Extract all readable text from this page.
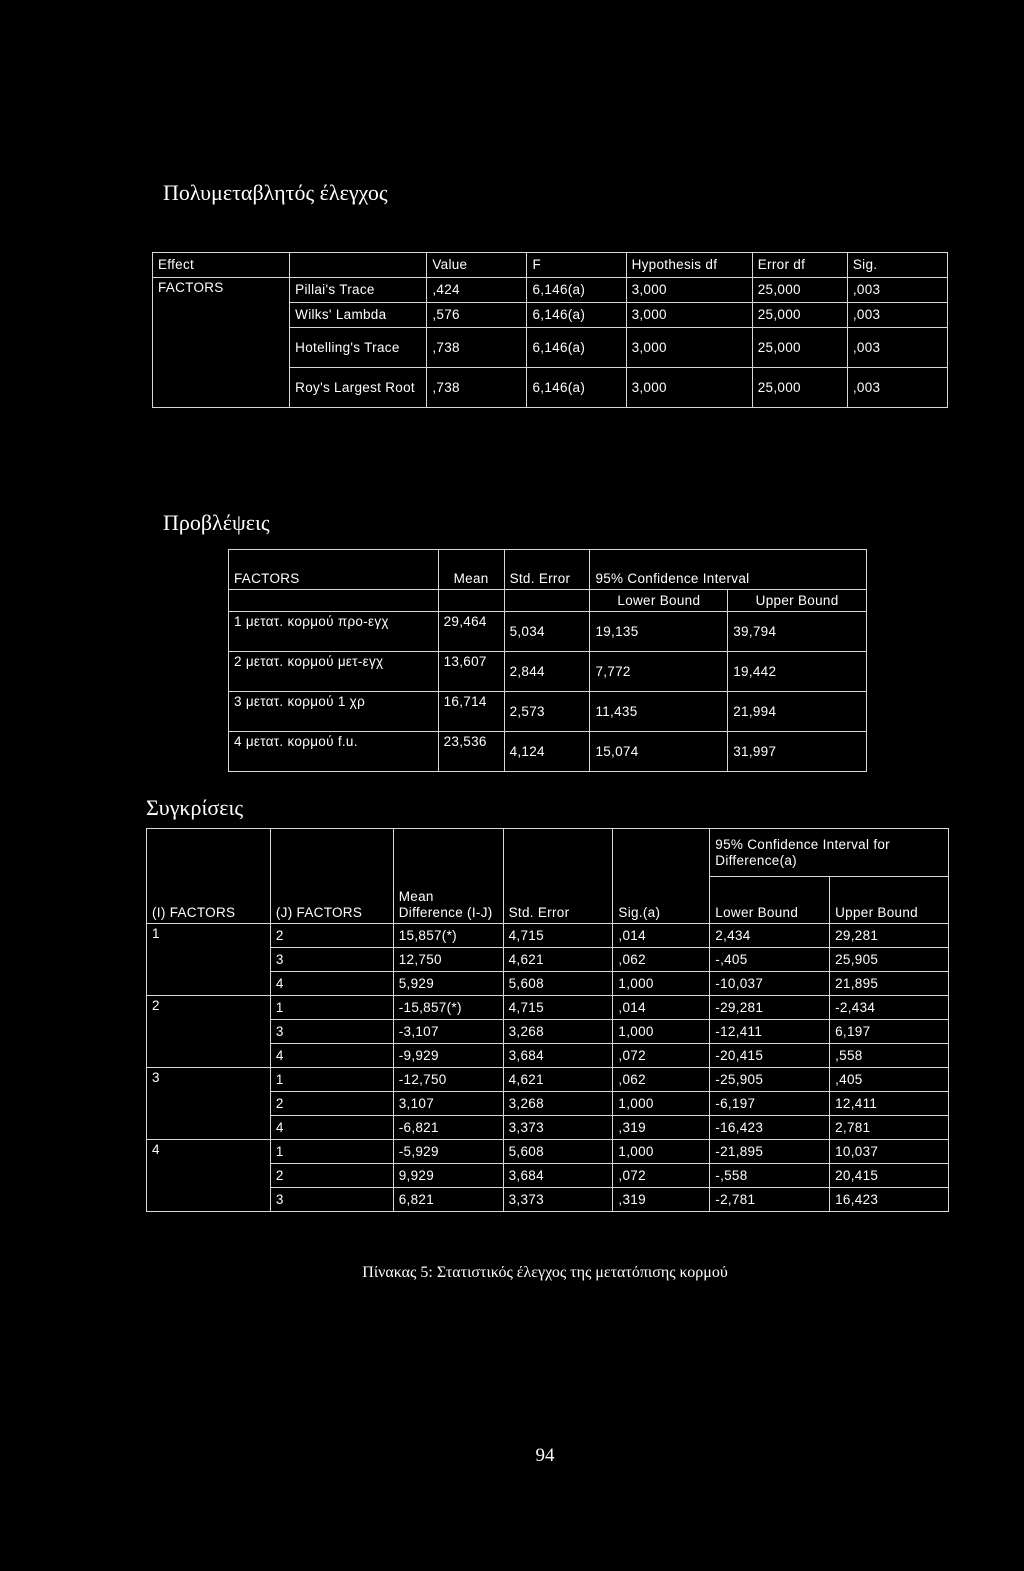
Πολυμεταβλητός έλεγχος
Effect		Value	F	Hypothesis df	Error df	Sig.
FACTORS	Pillai's Trace	,424	6,146(a)	3,000	25,000	,003
	Wilks' Lambda	,576	6,146(a)	3,000	25,000	,003
	Hotelling's Trace	,738	6,146(a)	3,000	25,000	,003
	Roy's Largest Root	,738	6,146(a)	3,000	25,000	,003
Προβλέψεις
FACTORS	Mean	Std. Error	95% Confidence Interval	
			Lower Bound	Upper Bound
1 μετατ. κορμού προ-εγχ	29,464	5,034	19,135	39,794
2 μετατ. κορμού μετ-εγχ	13,607	2,844	7,772	19,442
3 μετατ. κορμού 1 χρ	16,714	2,573	11,435	21,994
4 μετατ. κορμού f.u.	23,536	4,124	15,074	31,997
Συγκρίσεις
(I) FACTORS	(J) FACTORS	Mean Difference (I-J)	Std. Error	Sig.(a)	95% Confidence Interval for Difference(a)	
					Lower Bound	Upper Bound
1	2	15,857(*)	4,715	,014	2,434	29,281
	3	12,750	4,621	,062	-,405	25,905
	4	5,929	5,608	1,000	-10,037	21,895
2	1	-15,857(*)	4,715	,014	-29,281	-2,434
	3	-3,107	3,268	1,000	-12,411	6,197
	4	-9,929	3,684	,072	-20,415	,558
3	1	-12,750	4,621	,062	-25,905	,405
	2	3,107	3,268	1,000	-6,197	12,411
	4	-6,821	3,373	,319	-16,423	2,781
4	1	-5,929	5,608	1,000	-21,895	10,037
	2	9,929	3,684	,072	-,558	20,415
	3	6,821	3,373	,319	-2,781	16,423
Πίνακας 5: Στατιστικός έλεγχος της μετατόπισης κορμού
94
